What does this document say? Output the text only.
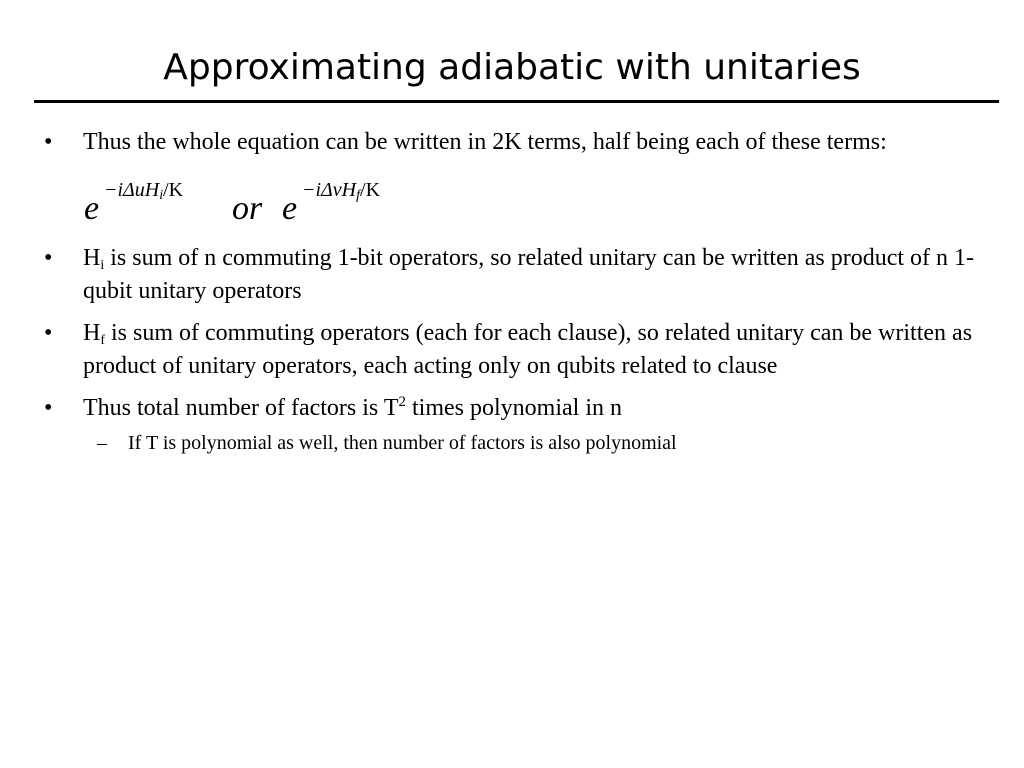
Approximating adiabatic with unitaries
• Thus the whole equation can be written in 2K terms, half being each of these terms:
e −iΔuHi/K or e −iΔvHf/K
• $H_i$ is sum of n commuting 1-bit operators, so related unitary can be written as product of n 1-qubit unitary operators
• $H_f$ is sum of commuting operators (each for each clause), so related unitary can be written as product of unitary operators, each acting only on qubits related to clause
• Thus total number of factors is $T^2$ times polynomial in n
– If T is polynomial as well, then number of factors is also polynomial
